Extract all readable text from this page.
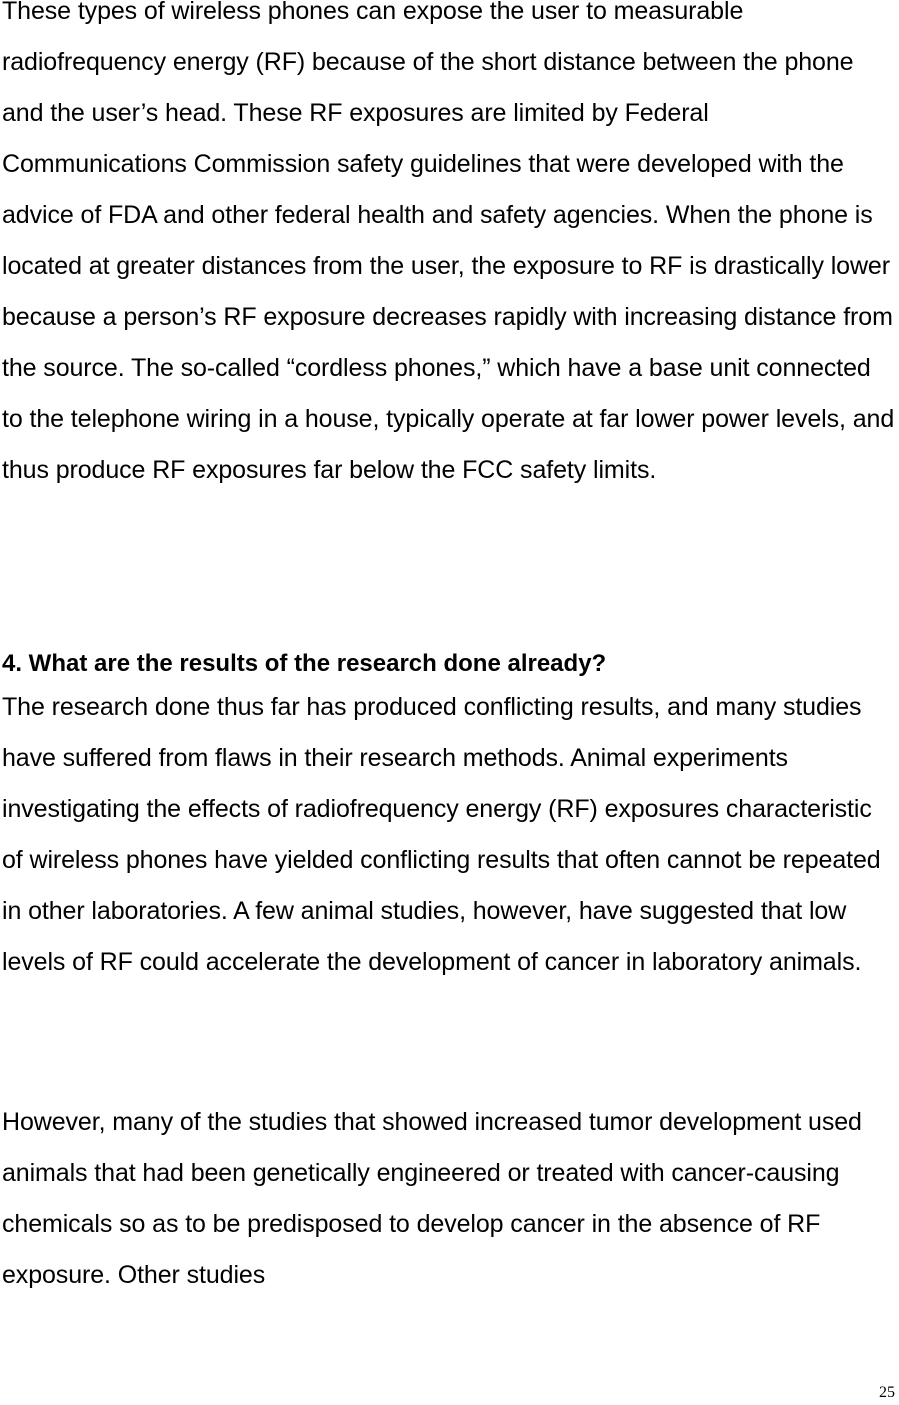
These types of wireless phones can expose the user to measurable radiofrequency energy (RF) because of the short distance between the phone and the user’s head. These RF exposures are limited by Federal Communications Commission safety guidelines that were developed with the advice of FDA and other federal health and safety agencies. When the phone is located at greater distances from the user, the exposure to RF is drastically lower because a person’s RF exposure decreases rapidly with increasing distance from the source. The so-called “cordless phones,” which have a base unit connected to the telephone wiring in a house, typically operate at far lower power levels, and thus produce RF exposures far below the FCC safety limits.

4. What are the results of the research done already?

The research done thus far has produced conflicting results, and many studies have suffered from flaws in their research methods. Animal experiments investigating the effects of radiofrequency energy (RF) exposures characteristic of wireless phones have yielded conflicting results that often cannot be repeated in other laboratories. A few animal studies, however, have suggested that low levels of RF could accelerate the development of cancer in laboratory animals.

However, many of the studies that showed increased tumor development used animals that had been genetically engineered or treated with cancer-causing chemicals so as to be predisposed to develop cancer in the absence of RF exposure. Other studies

25
